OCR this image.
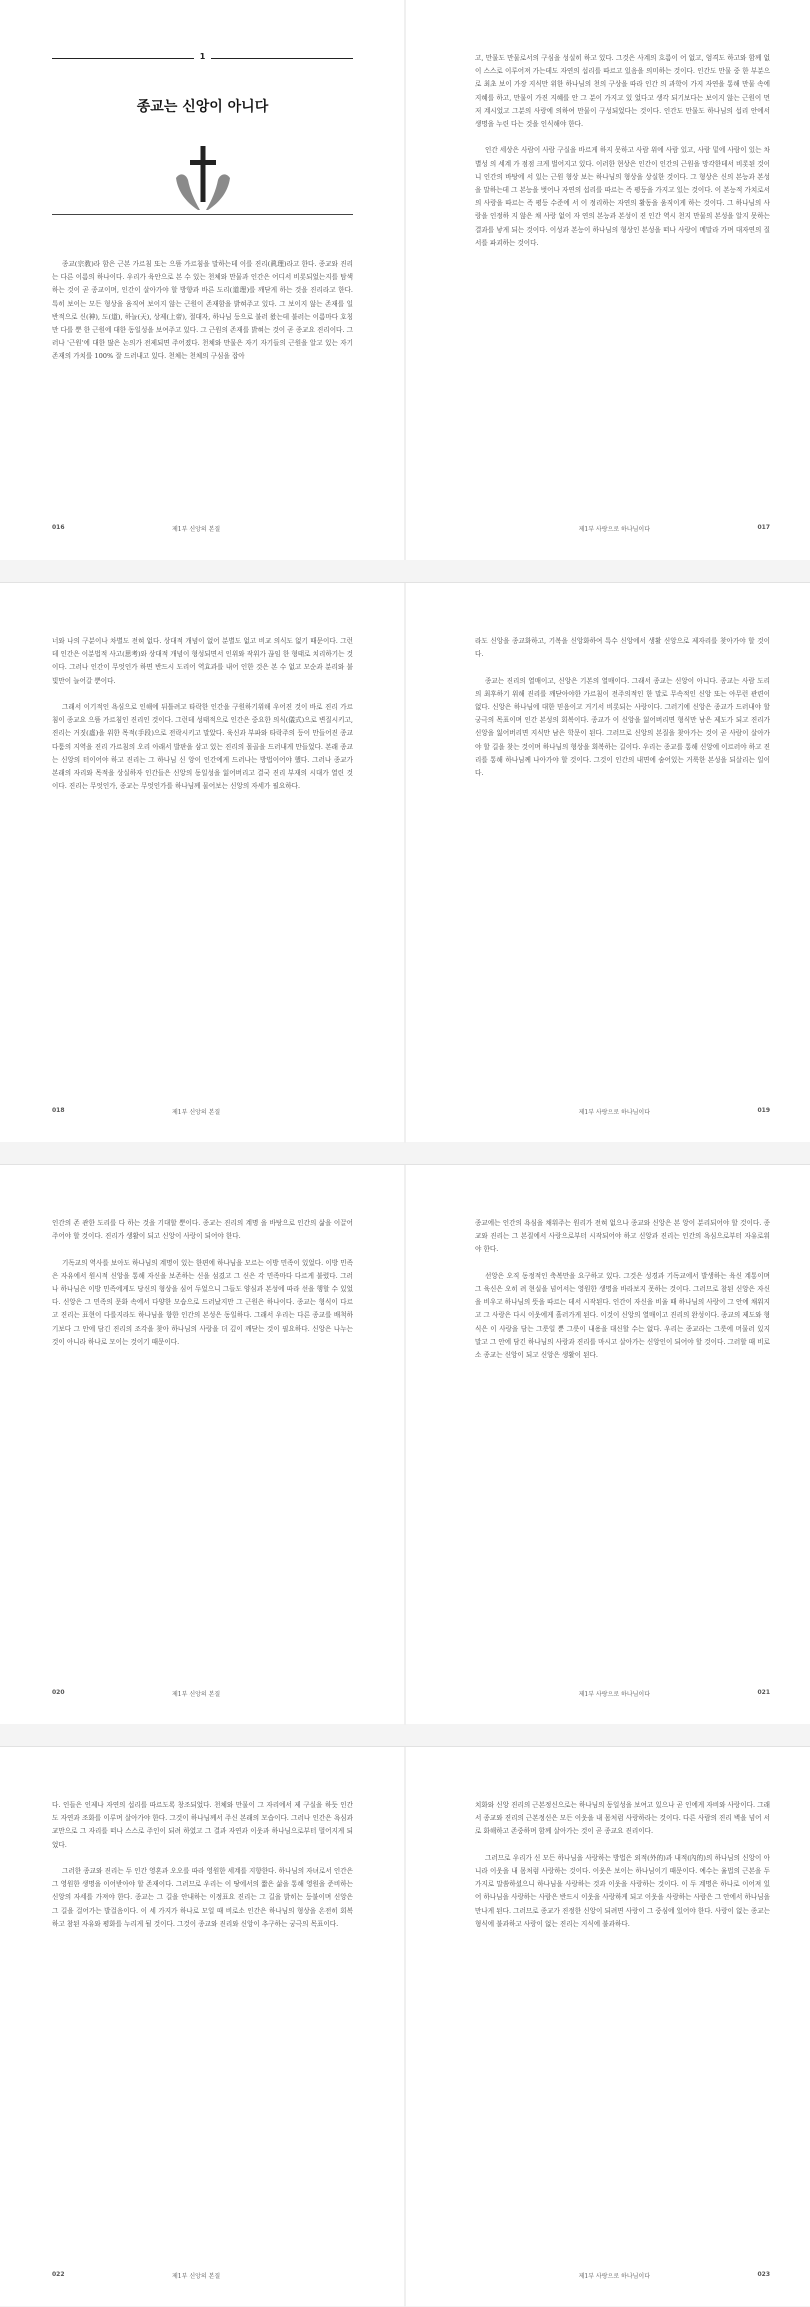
1
종교는 신앙이 아니다

종교(宗敎)라 함은 근본 가르침 또는 으뜸 가르침을 말하는데 이를 진리(眞理)라고 한다. 종교와 진리는 다른 이름의 하나이다. 우리가 육안으로 본 수 있는 천체와 만물과 인간은 어디서 비롯되었는지를 탐색 하는 것이 곧 종교이며, 인간이 살아가야 할 방향과 바른 도리(道理)를 깨닫게 하는 것을 진리라고 한다. 특히 보이는 모든 형상을 움직여 보이지 않는 근원이 존재함을 밝혀주고 있다. 그 보이지 않는 존재를 일반적으로 신(神), 도(道), 하늘(天), 상제(上帝), 절대자, 하나님 등으로 불러 왔는데 불러는 이름마다 호칭만 다를 뿐 한 근원에 대한 동일성을 보여주고 있다. 그 근원의 존재를 밝혀는 것이 곧 종교요 진리이다. 그러나 '근원'에 대한 많은 논의가 전제되면 주어졌다. 천체와 만물은 자기 자기들의 근원을 알고 있는 자기 존재의 가치를 100% 잘 드러내고 있다. 천체는 천체의 구심을 잡아

016	제1부 신앙의 본질

고, 만물도 만물로서의 구심을 성실히 하고 있다. 그것은 사계의 흐름이 어 없고, 엄격도 하고와 함께 없이 스스로 이루어져 가는데도 자연의 섭리를 따르고 있음을 의미하는 것이다. 인간도 만물 중 한 부분으로 최초 보이 가장 지식만 위한 하나님의 천의 구상을 따라 인간 의 과학이 가지 자연을 통해 만물 속에 지혜를 하고, 만물이 가진 지혜를 안 그 분이 가지고 있 었다고 생각 되기보다는 보이지 않는 근원이 먼저 계시었고 그분의 사랑에 의하여 만물이 구성되었다는 것이다. 인간도 만물도 하나님의 섭리 안에서 생명을 누린 다는 것을 인식해야 한다.

인간 세상은 사람이 사람 구실을 바르게 하지 못하고 사람 위에 사람 있고, 사람 밑에 사람이 있는 차 별성 의 세계 가 점점 크게 벌어지고 있다. 이러한 현상은 인간이 인간의 근원을 망각한데서 비롯된 것이니 인간의 바탕에 서 있는 근원 형상 보는 하나님의 형상을 상실한 것이다. 그 형상은 신의 본능과 본성을 말하는데 그 본능을 벗어나 자연의 섭리를 따르는 즉 평등을 가지고 있는 것이다. 이 본능적 가치로서의 사랑을 따르는 즉 평등 수준에 서 이 정리하는 자연의 활동을 움직이게 하는 것이다. 그 하나님의 사랑을 인정하 지 않은 채 사랑 없이 자 연의 본능과 본성이 진 인간 역시 천지 만물의 본성을 알지 못하는 결과를 낳게 되는 것이다. 이성과 본능이 하나님의 형상인 본성을 떠나 사랑이 메말라 가며 대자연의 질서를 파괴하는 것이다.

제1부 사랑으로 하나님이다	017

너와 나의 구분이나 차별도 전혀 없다. 상대적 개념이 없어 분별도 없고 비교 의식도 없기 때문이다. 그런데 인간은 이분법적 사고(思考)와 상대적 개념이 형성되면서 인위와 작위가 끊임 한 형태로 치리하기는 것이다. 그러나 인간이 무엇인가 하면 반드시 도리어 역효과를 내어 인한 것은 본 수 없고 모순과 분리와 불빛만이 늘어갈 뿐이다.

그래서 이기적인 욕심으로 인해에 뒤틀려고 타락한 인간을 구원하기위해 우어진 것이 바로 진리 가르침이 종교요 으뜸 가르침인 진리인 것이다. 그런데 성태적으로 인간은 중요한 의식(儀式)으로 변질시키고, 진리는 거짓(虛)을 위한 목적(手段)으로 전락시키고 말았다. 육신과 부파와 타락주의 등이 만들어진 종교 다툼의 지역을 진리 가르침의 오리 아래서 발판을 삼고 있는 진리의 몰골을 드러내게 만들었다. 본래 종교는 신앙의 터이어야 하고 진리는 그 하나님 신 앙이 인간에게 드러나는 방법이어야 했다. 그러나 종교가 본래의 자리와 목적을 상실하자 인간들은 신앙의 동일성을 잃어버리고 결국 진리 부재의 시대가 열린 것이다. 진리는 무엇인가, 종교는 무엇인가를 하나님께 물어보는 신앙의 자세가 필요하다.

018	제1부 신앙의 본질

라도 신앙을 종교화하고, 기복을 신앙화하여 특수 신앙에서 생활 신앙으로 제자리를 찾아가야 할 것이다.

종교는 진리의 열매이고, 신앙은 기본의 열매이다. 그래서 종교는 신앙이 아니다. 종교는 사람 도리의 최후하기 위해 진리를 깨닫아야한 가르침이 전주의적인 한 말로 무속적인 신앙 또는 아무런 관련이 없다. 신앙은 하나님에 대한 믿음이고 거기서 비롯되는 사랑이다. 그러기에 신앙은 종교가 드러내야 할 궁극의 목표이며 인간 본성의 회복이다. 종교가 이 신앙을 잃어버리면 형식만 남은 제도가 되고 진리가 신앙을 잃어버리면 지식만 남은 학문이 된다. 그러므로 신앙의 본질을 찾아가는 것이 곧 사람이 살아가야 할 길을 찾는 것이며 하나님의 형상을 회복하는 길이다. 우리는 종교를 통해 신앙에 이르러야 하고 진리를 통해 하나님께 나아가야 할 것이다. 그것이 인간의 내면에 숨어있는 거룩한 본성을 되살리는 일이다.

제1부 사랑으로 하나님이다	019

인간의 존 관한 도리를 다 하는 것을 기대할 뿐이다. 종교는 진리의 계명 을 바탕으로 인간의 삶을 이끌어 주어야 할 것이다. 진리가 생활이 되고 신앙이 사랑이 되어야 한다.

기독교의 역사를 보아도 하나님의 계명이 있는 한편에 하나님을 모르는 이방 민족이 있었다. 이방 민족은 자유에서 원시적 신앙을 통해 자신을 보존하는 신을 섬겼고 그 신은 각 민족마다 다르게 불렸다. 그러나 하나님은 이방 민족에게도 당신의 형상을 심어 두었으니 그들도 양심과 본성에 따라 선을 행할 수 있었다. 신앙은 그 민족의 문화 속에서 다양한 모습으로 드러났지만 그 근원은 하나이다. 종교는 형식이 다르고 진리는 표현이 다를지라도 하나님을 향한 인간의 본성은 동일하다. 그래서 우리는 다른 종교를 배척하기보다 그 안에 담긴 진리의 조각을 찾아 하나님의 사랑을 더 깊이 깨닫는 것이 필요하다. 신앙은 나누는 것이 아니라 하나로 모이는 것이기 때문이다.

020	제1부 신앙의 본질

종교에는 인간의 욕심을 채워주는 원리가 전혀 없으나 종교와 신앙은 본 앙이 분리되어야 할 것이다. 종교와 진리는 그 본질에서 사랑으로부터 시작되어야 하고 신앙과 진리는 인간의 욕심으로부터 자유로워야 한다.

선앙은 오직 동정적인 축복만을 요구하고 있다. 그것은 성경과 기독교에서 발생하는 육신 계통이며 그 육신은 오히 려 현실을 넘어서는 영원한 생명을 바라보지 못하는 것이다. 그러므로 참된 신앙은 자신을 비우고 하나님의 뜻을 따르는 데서 시작된다. 인간이 자신을 비울 때 하나님의 사랑이 그 안에 채워지고 그 사랑은 다시 이웃에게 흘러가게 된다. 이것이 신앙의 열매이고 진리의 완성이다. 종교의 제도와 형식은 이 사랑을 담는 그릇일 뿐 그릇이 내용을 대신할 수는 없다. 우리는 종교라는 그릇에 머물러 있지 말고 그 안에 담긴 하나님의 사랑과 진리를 마시고 살아가는 신앙인이 되어야 할 것이다. 그러할 때 비로소 종교는 신앙이 되고 신앙은 생활이 된다.

제1부 사랑으로 하나님이다	021

다. 인들은 인제나 자연의 섭리를 따르도록 창조되었다. 천체와 만물이 그 자리에서 제 구실을 하듯 인간도 자연과 조화를 이루며 살아가야 한다. 그것이 하나님께서 주신 본래의 모습이다. 그러나 인간은 욕심과 교만으로 그 자리를 떠나 스스로 주인이 되려 하였고 그 결과 자연과 이웃과 하나님으로부터 멀어지게 되었다.

그러한 종교와 진리는 두 인간 영혼과 오오를 따라 영원한 세계를 지향한다. 하나님의 자녀로서 인간은 그 영원한 생명을 이어받아야 할 존재이다. 그러므로 우리는 이 땅에서의 짧은 삶을 통해 영원을 준비하는 신앙의 자세를 가져야 한다. 종교는 그 길을 안내하는 이정표요 진리는 그 길을 밝히는 등불이며 신앙은 그 길을 걸어가는 발걸음이다. 이 세 가지가 하나로 모일 때 비로소 인간은 하나님의 형상을 온전히 회복하고 참된 자유와 평화를 누리게 될 것이다. 그것이 종교와 진리와 신앙이 추구하는 궁극의 목표이다.

022	제1부 신앙의 본질

치화와 신앙 진리의 근본정신으로는 하나님의 동일성을 보여고 있으나 곧 인에게 자비와 사랑이다. 그래서 종교와 진리의 근본정신은 모든 이웃을 내 몸처럼 사랑하라는 것이다. 다른 사람의 진리 벽을 넘어 서로 화해하고 존중하며 함께 살아가는 것이 곧 종교요 진리이다.

그러므로 우리가 신 모든 하나님을 사랑하는 방법은 외적(外的)과 내적(內的)의 하나님의 신앙이 아니라 이웃을 내 몸처럼 사랑하는 것이다. 이웃은 보이는 하나님이기 때문이다. 예수는 율법의 근본을 두 가지로 말씀하셨으니 하나님을 사랑하는 것과 이웃을 사랑하는 것이다. 이 두 계명은 하나로 이어져 있어 하나님을 사랑하는 사람은 반드시 이웃을 사랑하게 되고 이웃을 사랑하는 사람은 그 안에서 하나님을 만나게 된다. 그러므로 종교가 진정한 신앙이 되려면 사랑이 그 중심에 있어야 한다. 사랑이 없는 종교는 형식에 불과하고 사랑이 없는 진리는 지식에 불과하다.

제1부 사랑으로 하나님이다	023
